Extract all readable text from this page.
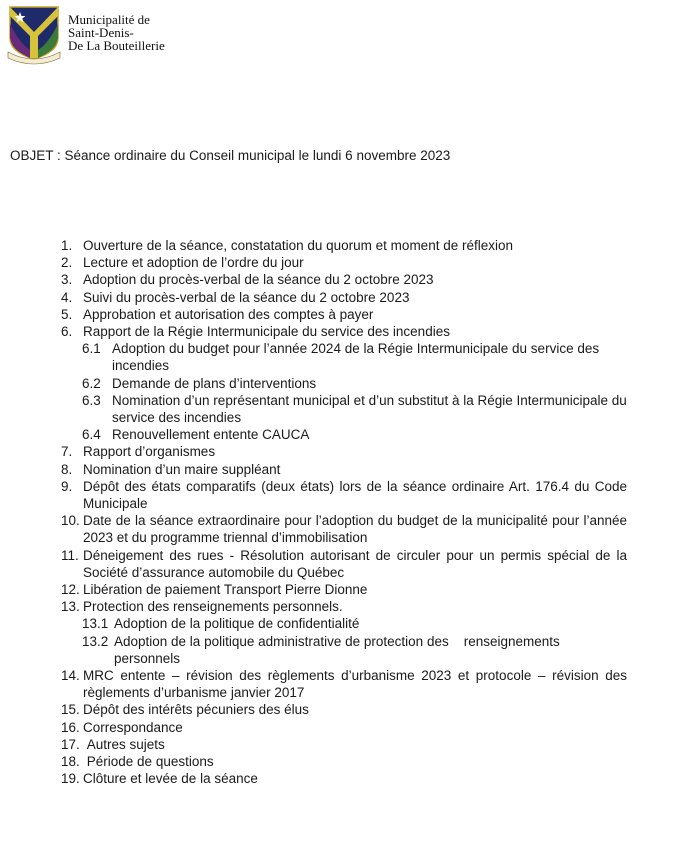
Municipalité de
Saint-Denis-
De La Bouteillerie
OBJET : Séance ordinaire du Conseil municipal le lundi 6 novembre 2023
1. Ouverture de la séance, constatation du quorum et moment de réflexion
2. Lecture et adoption de l’ordre du jour
3. Adoption du procès-verbal de la séance du 2 octobre 2023
4. Suivi du procès-verbal de la séance du 2 octobre 2023
5. Approbation et autorisation des comptes à payer
6. Rapport de la Régie Intermunicipale du service des incendies
6.1 Adoption du budget pour l’année 2024 de la Régie Intermunicipale du service des incendies
6.2 Demande de plans d’interventions
6.3 Nomination d’un représentant municipal et d’un substitut à la Régie Intermunicipale du service des incendies
6.4 Renouvellement entente CAUCA
7. Rapport d’organismes
8. Nomination d’un maire suppléant
9. Dépôt des états comparatifs (deux états) lors de la séance ordinaire Art. 176.4 du Code Municipale
10. Date de la séance extraordinaire pour l’adoption du budget de la municipalité pour l’année 2023 et du programme triennal d’immobilisation
11. Déneigement des rues - Résolution autorisant de circuler pour un permis spécial de la Société d’assurance automobile du Québec
12. Libération de paiement Transport Pierre Dionne
13. Protection des renseignements personnels.
13.1 Adoption de la politique de confidentialité
13.2 Adoption de la politique administrative de protection des    renseignements personnels
14. MRC entente – révision des règlements d’urbanisme 2023 et protocole – révision des règlements d’urbanisme janvier 2017
15. Dépôt des intérêts pécuniers des élus
16. Correspondance
17. Autres sujets
18. Période de questions
19. Clôture et levée de la séance
